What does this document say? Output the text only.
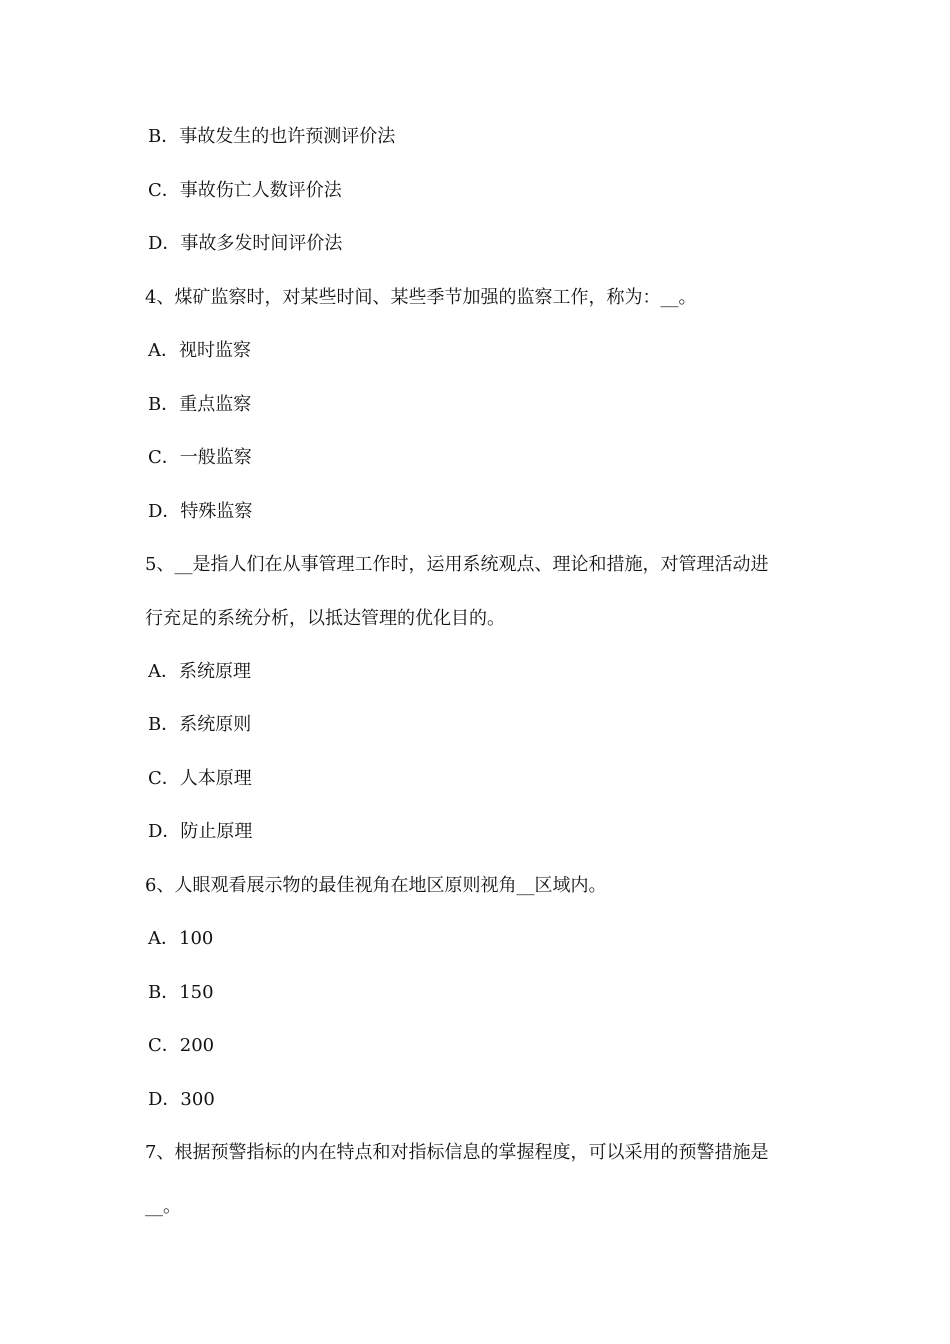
B．事故发生的也许预测评价法
C．事故伤亡人数评价法
D．事故多发时间评价法
4、煤矿监察时，对某些时间、某些季节加强的监察工作，称为：__。
A．视时监察
B．重点监察
C．一般监察
D．特殊监察
5、__是指人们在从事管理工作时，运用系统观点、理论和措施，对管理活动进
行充足的系统分析，以抵达管理的优化目的。
A．系统原理
B．系统原则
C．人本原理
D．防止原理
6、人眼观看展示物的最佳视角在地区原则视角__区域内。
A．100
B．150
C．200
D．300
7、根据预警指标的内在特点和对指标信息的掌握程度，可以采用的预警措施是
__。
